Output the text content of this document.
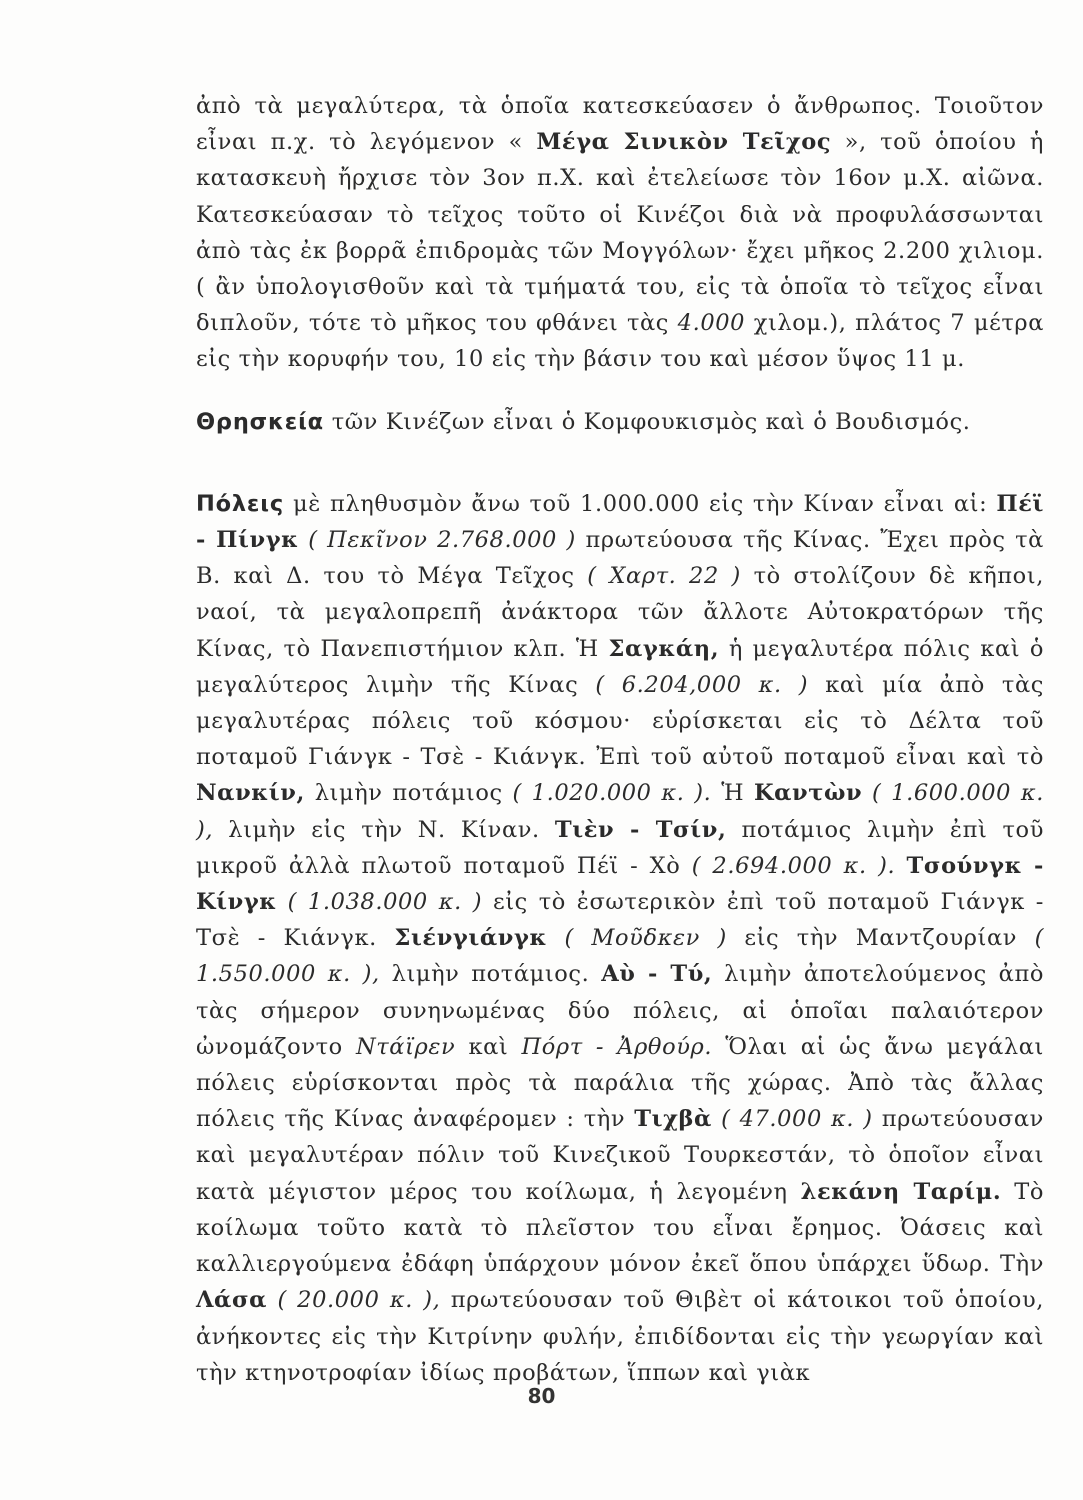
ἀπὸ τὰ μεγαλύτερα, τὰ ὁποῖα κατεσκεύασεν ὁ ἄνθρωπος. Τοιοῦτον εἶναι π.χ. τὸ λεγόμενον « Μέγα Σινικὸν Τεῖχος », τοῦ ὁποίου ἡ κατασκευὴ ἤρχισε τὸν 3ον π.Χ. καὶ ἐτελείωσε τὸν 16ον μ.Χ. αἰῶνα. Κατεσκεύασαν τὸ τεῖχος τοῦτο οἱ Κινέζοι διὰ νὰ προφυλάσσωνται ἀπὸ τὰς ἐκ βορρᾶ ἐπιδρομὰς τῶν Μογγόλων· ἔχει μῆκος 2.200 χιλιομ. ( ἂν ὑπολογισθοῦν καὶ τὰ τμήματά του, εἰς τὰ ὁποῖα τὸ τεῖχος εἶναι διπλοῦν, τότε τὸ μῆκος του φθάνει τὰς 4.000 χιλομ.), πλάτος 7 μέτρα εἰς τὴν κορυφήν του, 10 εἰς τὴν βάσιν του καὶ μέσον ὕψος 11 μ.

Θρησκεία τῶν Κινέζων εἶναι ὁ Κομφουκισμὸς καὶ ὁ Βουδισμός.

Πόλεις μὲ πληθυσμὸν ἄνω τοῦ 1.000.000 εἰς τὴν Κίναν εἶναι αἱ: Πέϊ - Πίνγκ ( Πεκῖνον 2.768.000 ) πρωτεύουσα τῆς Κίνας. Ἔχει πρὸς τὰ Β. καὶ Δ. του τὸ Μέγα Τεῖχος ( Χαρτ. 22 ) τὸ στολίζουν δὲ κῆποι, ναοί, τὰ μεγαλοπρεπῆ ἀνάκτορα τῶν ἄλλοτε Αὐτοκρατόρων τῆς Κίνας, τὸ Πανεπιστήμιον κλπ. Ἡ Σαγκάη, ἡ μεγαλυτέρα πόλις καὶ ὁ μεγαλύτερος λιμὴν τῆς Κίνας ( 6.204,000 κ. ) καὶ μία ἀπὸ τὰς μεγαλυτέρας πόλεις τοῦ κόσμου· εὑρίσκεται εἰς τὸ Δέλτα τοῦ ποταμοῦ Γιάνγκ - Τσὲ - Κιάνγκ. Ἐπὶ τοῦ αὐτοῦ ποταμοῦ εἶναι καὶ τὸ Νανκίν, λιμὴν ποτάμιος ( 1.020.000 κ. ). Ἡ Καντὼν ( 1.600.000 κ. ), λιμὴν εἰς τὴν Ν. Κίναν. Τιὲν - Τσίν, ποτάμιος λιμὴν ἐπὶ τοῦ μικροῦ ἀλλὰ πλωτοῦ ποταμοῦ Πέϊ - Χὸ ( 2.694.000 κ. ). Τσούνγκ - Κίνγκ ( 1.038.000 κ. ) εἰς τὸ ἐσωτερικὸν ἐπὶ τοῦ ποταμοῦ Γιάνγκ - Τσὲ - Κιάνγκ. Σιένγιάνγκ ( Μοῦδκεν ) εἰς τὴν Μαντζουρίαν ( 1.550.000 κ. ), λιμὴν ποτάμιος. Αὺ - Τύ, λιμὴν ἀποτελούμενος ἀπὸ τὰς σήμερον συνηνωμένας δύο πόλεις, αἱ ὁποῖαι παλαιότερον ὠνομάζοντο Ντάϊρεν καὶ Πόρτ - Ἀρθούρ. Ὅλαι αἱ ὡς ἄνω μεγάλαι πόλεις εὑρίσκονται πρὸς τὰ παράλια τῆς χώρας. Ἀπὸ τὰς ἄλλας πόλεις τῆς Κίνας ἀναφέρομεν : τὴν Τιχβὰ ( 47.000 κ. ) πρωτεύουσαν καὶ μεγαλυτέραν πόλιν τοῦ Κινεζικοῦ Τουρκεστάν, τὸ ὁποῖον εἶναι κατὰ μέγιστον μέρος του κοίλωμα, ἡ λεγομένη λεκάνη Ταρίμ. Τὸ κοίλωμα τοῦτο κατὰ τὸ πλεῖστον του εἶναι ἔρημος. Ὀάσεις καὶ καλλιεργούμενα ἐδάφη ὑπάρχουν μόνον ἐκεῖ ὅπου ὑπάρχει ὕδωρ. Τὴν Λάσα ( 20.000 κ. ), πρωτεύουσαν τοῦ Θιβὲτ οἱ κάτοικοι τοῦ ὁποίου, ἀνήκοντες εἰς τὴν Κιτρίνην φυλήν, ἐπιδίδονται εἰς τὴν γεωργίαν καὶ τὴν κτηνοτροφίαν ἰδίως προβάτων, ἵππων καὶ γιὰκ

80
